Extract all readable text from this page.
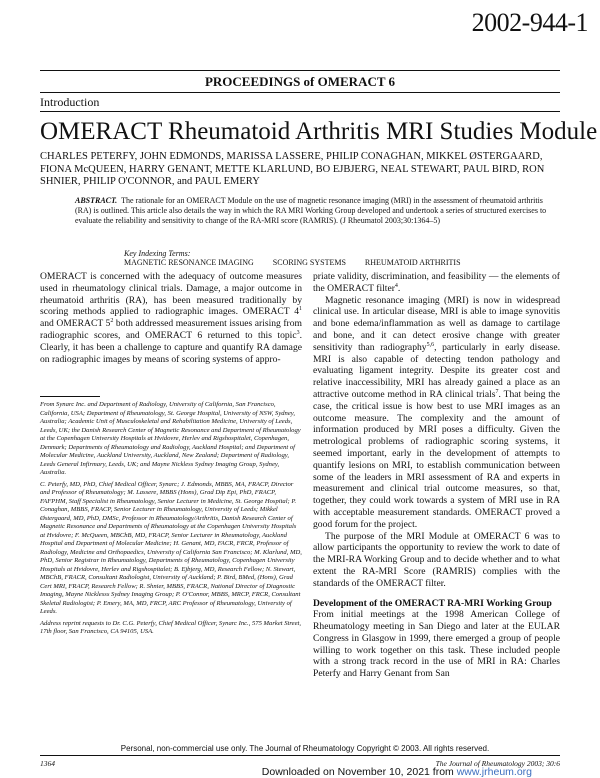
2002-944-1
PROCEEDINGS of OMERACT 6
Introduction
OMERACT Rheumatoid Arthritis MRI Studies Module

CHARLES PETERFY, JOHN EDMONDS, MARISSA LASSERE, PHILIP CONAGHAN, MIKKEL ØSTERGAARD, FIONA McQUEEN, HARRY GENANT, METTE KLARLUND, BO EJBJERG, NEAL STEWART, PAUL BIRD, RON SHNIER, PHILIP O'CONNOR, and PAUL EMERY

ABSTRACT. The rationale for an OMERACT Module on the use of magnetic resonance imaging (MRI) in the assessment of rheumatoid arthritis (RA) is outlined. This article also details the way in which the RA MRI Working Group developed and undertook a series of structured exercises to evaluate the reliability and sensitivity to change of the RA-MRI score (RAMRIS). (J Rheumatol 2003;30:1364–5)

Key Indexing Terms:
MAGNETIC RESONANCE IMAGING SCORING SYSTEMS RHEUMATOID ARTHRITIS

OMERACT is concerned with the adequacy of outcome measures used in rheumatology clinical trials. Damage, a major outcome in rheumatoid arthritis (RA), has been measured traditionally by scoring methods applied to radiographic images. OMERACT $4^1$ and OMERACT $5^2$ both addressed measurement issues arising from radiographic scores, and OMERACT 6 returned to this topic$^3$. Clearly, it has been a challenge to capture and quantify RA damage on radiographic images by means of scoring systems of appro-

From Synarc Inc. and Department of Radiology, University of California, San Francisco, California, USA; Department of Rheumatology, St. George Hospital, University of NSW, Sydney, Australia; Academic Unit of Musculoskeletal and Rehabilitation Medicine, University of Leeds, Leeds, UK; the Danish Research Center of Magnetic Resonance and Department of Rheumatology at the Copenhagen University Hospitals at Hvidovre, Herlev and Rigshospitalet, Copenhagen, Denmark; Departments of Rheumatology and Radiology, Auckland Hospital; and Department of Molecular Medicine, Auckland University, Auckland, New Zealand; Department of Radiology, Leeds General Infirmary, Leeds, UK; and Mayne Nickless Sydney Imaging Group, Sydney, Australia.

C. Peterfy, MD, PhD, Chief Medical Officer, Synarc; J. Edmonds, MBBS, MA, FRACP, Director and Professor of Rheumatology; M. Lassere, MBBS (Hons), Grad Dip Epi, PhD, FRACP, FAFPHM, Staff Specialist in Rheumatology, Senior Lecturer in Medicine, St. George Hospital; P. Conaghan, MBBS, FRACP, Senior Lecturer in Rheumatology, University of Leeds; Mikkel Østergaard, MD, PhD, DMSc, Professor in Rheumatology/Arthritis, Danish Research Center of Magnetic Resonance and Departments of Rheumatology at the Copenhagen University Hospitals at Hvidovre; F. McQueen, MBChB, MD, FRACP, Senior Lecturer in Rheumatology, Auckland Hospital and Department of Molecular Medicine; H. Genant, MD, FACR, FRCR, Professor of Radiology, Medicine and Orthopaedics, University of California San Francisco; M. Klarlund, MD, PhD, Senior Registrar in Rheumatology, Departments of Rheumatology, Copenhagen University Hospitals at Hvidovre, Herlev and Rigshospitalet; B. Ejbjerg, MD, Research Fellow; N. Stewart, MBChB, FRACR, Consultant Radiologist, University of Auckland; P. Bird, BMed, (Hons), Grad Cert MRI, FRACP, Research Fellow; R. Shnier, MBBS, FRACR, National Director of Diagnostic Imaging, Mayne Nicklesss Sydney Imaging Group; P. O'Connor, MBBS, MRCP, FRCR, Consultant Skeletal Radiologist; P. Emery, MA, MD, FRCP, ARC Professor of Rheumatology, University of Leeds.

Address reprint requests to Dr. C.G. Peterfy, Chief Medical Officer, Synarc Inc., 575 Market Street, 17th floor, San Francisco, CA 94105, USA.

priate validity, discrimination, and feasibility — the elements of the OMERACT filter$^4$.

Magnetic resonance imaging (MRI) is now in widespread clinical use. In articular disease, MRI is able to image synovitis and bone edema/inflammation as well as damage to cartilage and bone, and it can detect erosive change with greater sensitivity than radiography$^{5,6}$, particularly in early disease. MRI is also capable of detecting tendon pathology and evaluating ligament integrity. Despite its greater cost and relative inaccessibility, MRI has already gained a place as an attractive outcome method in RA clinical trials$^7$. That being the case, the critical issue is how best to use MRI images as an outcome measure. The complexity and the amount of information produced by MRI poses a difficulty. Given the metrological problems of radiographic scoring systems, it seemed important, early in the development of attempts to quantify lesions on MRI, to establish communication between some of the leaders in MRI assessment of RA and experts in measurement and clinical trial outcome measures, so that, together, they could work towards a system of MRI use in RA with acceptable measurement standards. OMERACT proved a good forum for the project.

The purpose of the MRI Module at OMERACT 6 was to allow participants the opportunity to review the work to date of the MRI-RA Working Group and to decide whether and to what extent the RA-MRI Score (RAMRIS) complies with the standards of the OMERACT filter.

Development of the OMERACT RA-MRI Working Group

From initial meetings at the 1998 American College of Rheumatology meeting in San Diego and later at the EULAR Congress in Glasgow in 1999, there emerged a group of people willing to work together on this task. These included people with a strong track record in the use of MRI in RA: Charles Peterfy and Harry Genant from San

Personal, non-commercial use only. The Journal of Rheumatology Copyright © 2003. All rights reserved.
1364	The Journal of Rheumatology 2003; 30:6
Downloaded on November 10, 2021 from www.jrheum.org
